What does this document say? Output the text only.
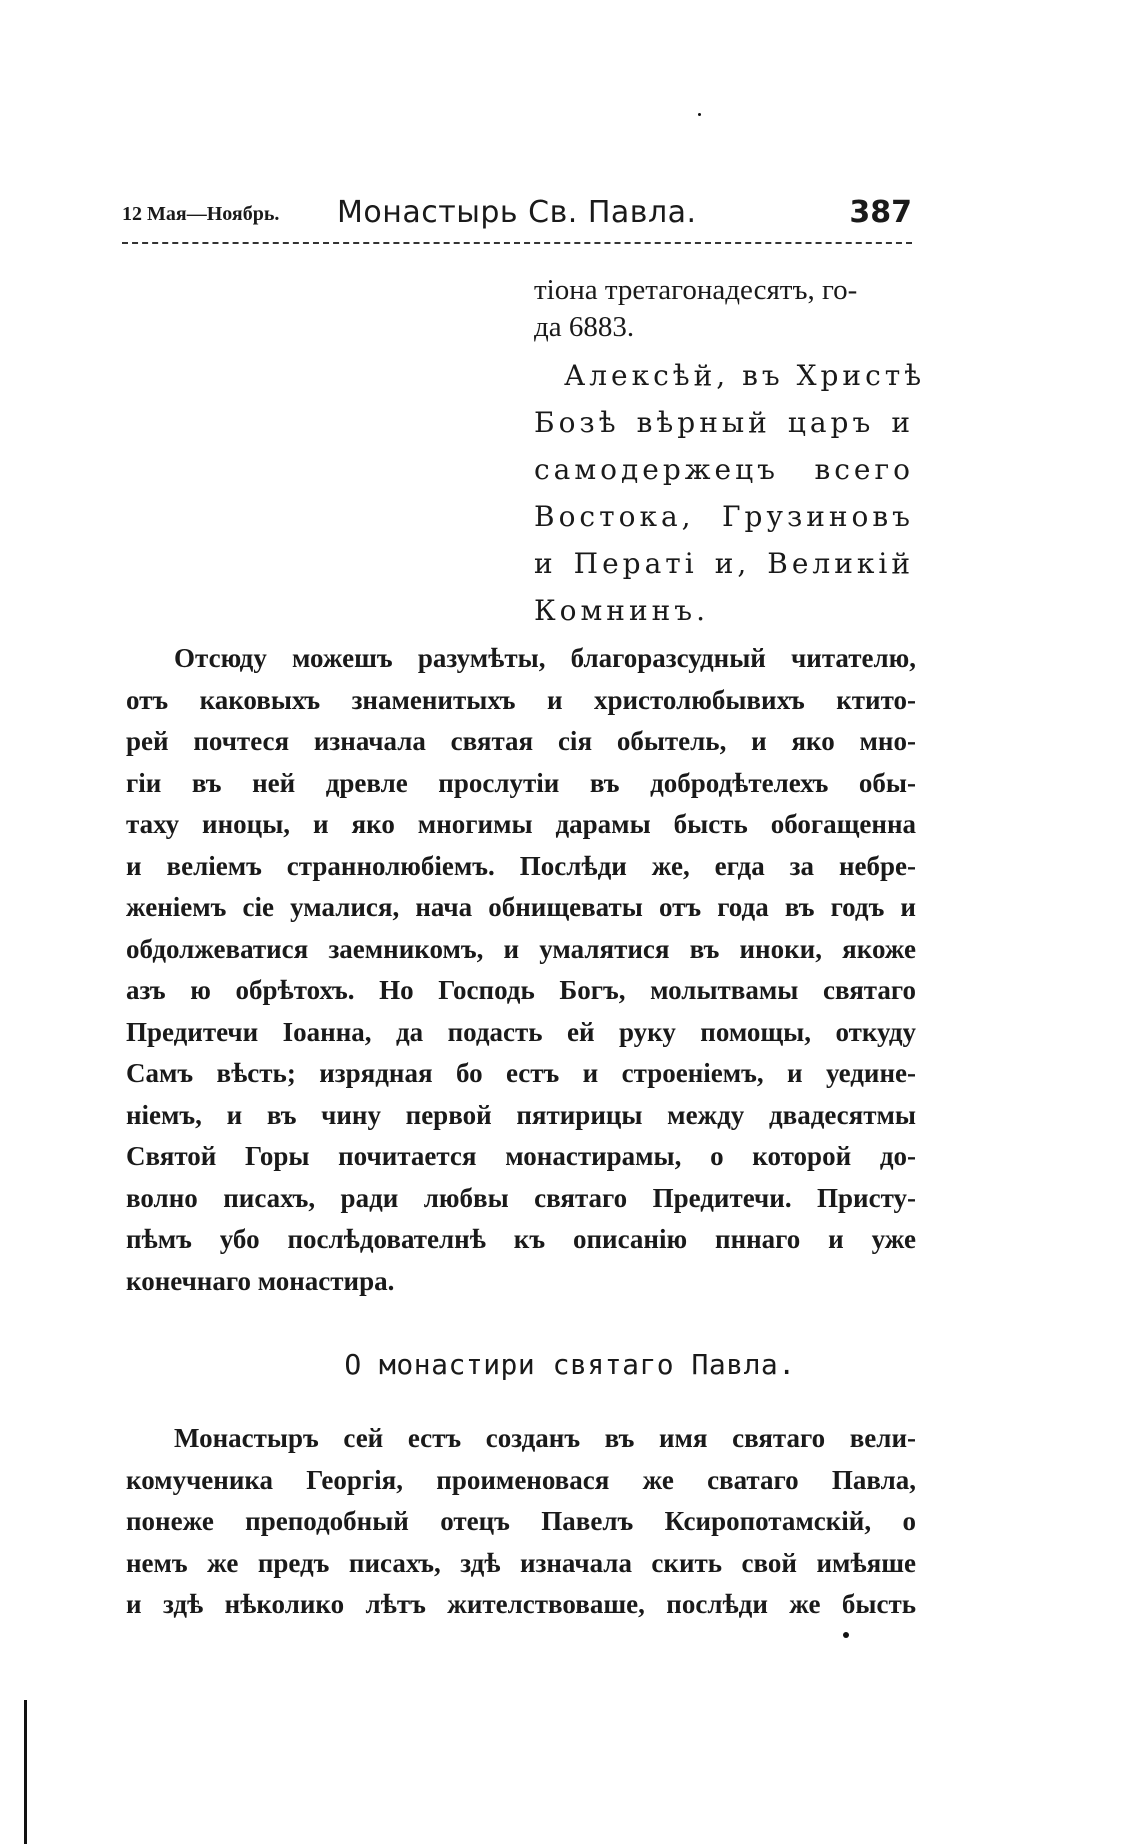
12 Мая—Ноябрь. Монастырь Св. Павла.	387
тіона третагонадесятъ, го-
да 6883.
Алексѣй, въ Христѣ
Бозѣ вѣрный царъ и
самодержецъ всего
Востока, Грузиновъ
и Ператі и, Великій
Комнинъ.
Отсюду можешъ разумѣты, благоразсудный читателю,
отъ каковыхъ знаменитыхъ и христолюбывихъ ктито-
рей почтеся изначала святая сія обытель, и яко мно-
гіи въ ней древле прослутіи въ добродѣтелехъ обы-
таху иноцы, и яко многимы дарамы бысть обогащенна
и веліемъ страннолюбіемъ. Послѣди же, егда за небре-
женіемъ сіе умалися, нача обнищеваты отъ года въ годъ и
обдолжеватися заемникомъ, и умалятися въ иноки, якоже
азъ ю обрѣтохъ. Но Господь Богъ, молытвамы святаго
Предитечи Іоанна, да подасть ей руку помощы, откуду
Самъ вѣсть; изрядная бо естъ и строеніемъ, и уедине-
ніемъ, и въ чину первой пятирицы между двадесятмы
Святой Горы почитается монастирамы, о которой до-
волно писахъ, ради любвы святаго Предитечи. Присту-
пѣмъ убо послѣдователнѣ къ описанію пннаго и уже
конечнаго монастира.
О монастири святаго Павла.
Монастыръ сей естъ созданъ въ имя святаго вели-
комученика Георгія, проименовася же сватаго Павла,
понеже преподобный отецъ Павелъ Ксиропотамскій, о
немъ же предъ писахъ, здѣ изначала скить свой имѣяше
и здѣ нѣколико лѣтъ жителствоваше, послѣди же бысть
